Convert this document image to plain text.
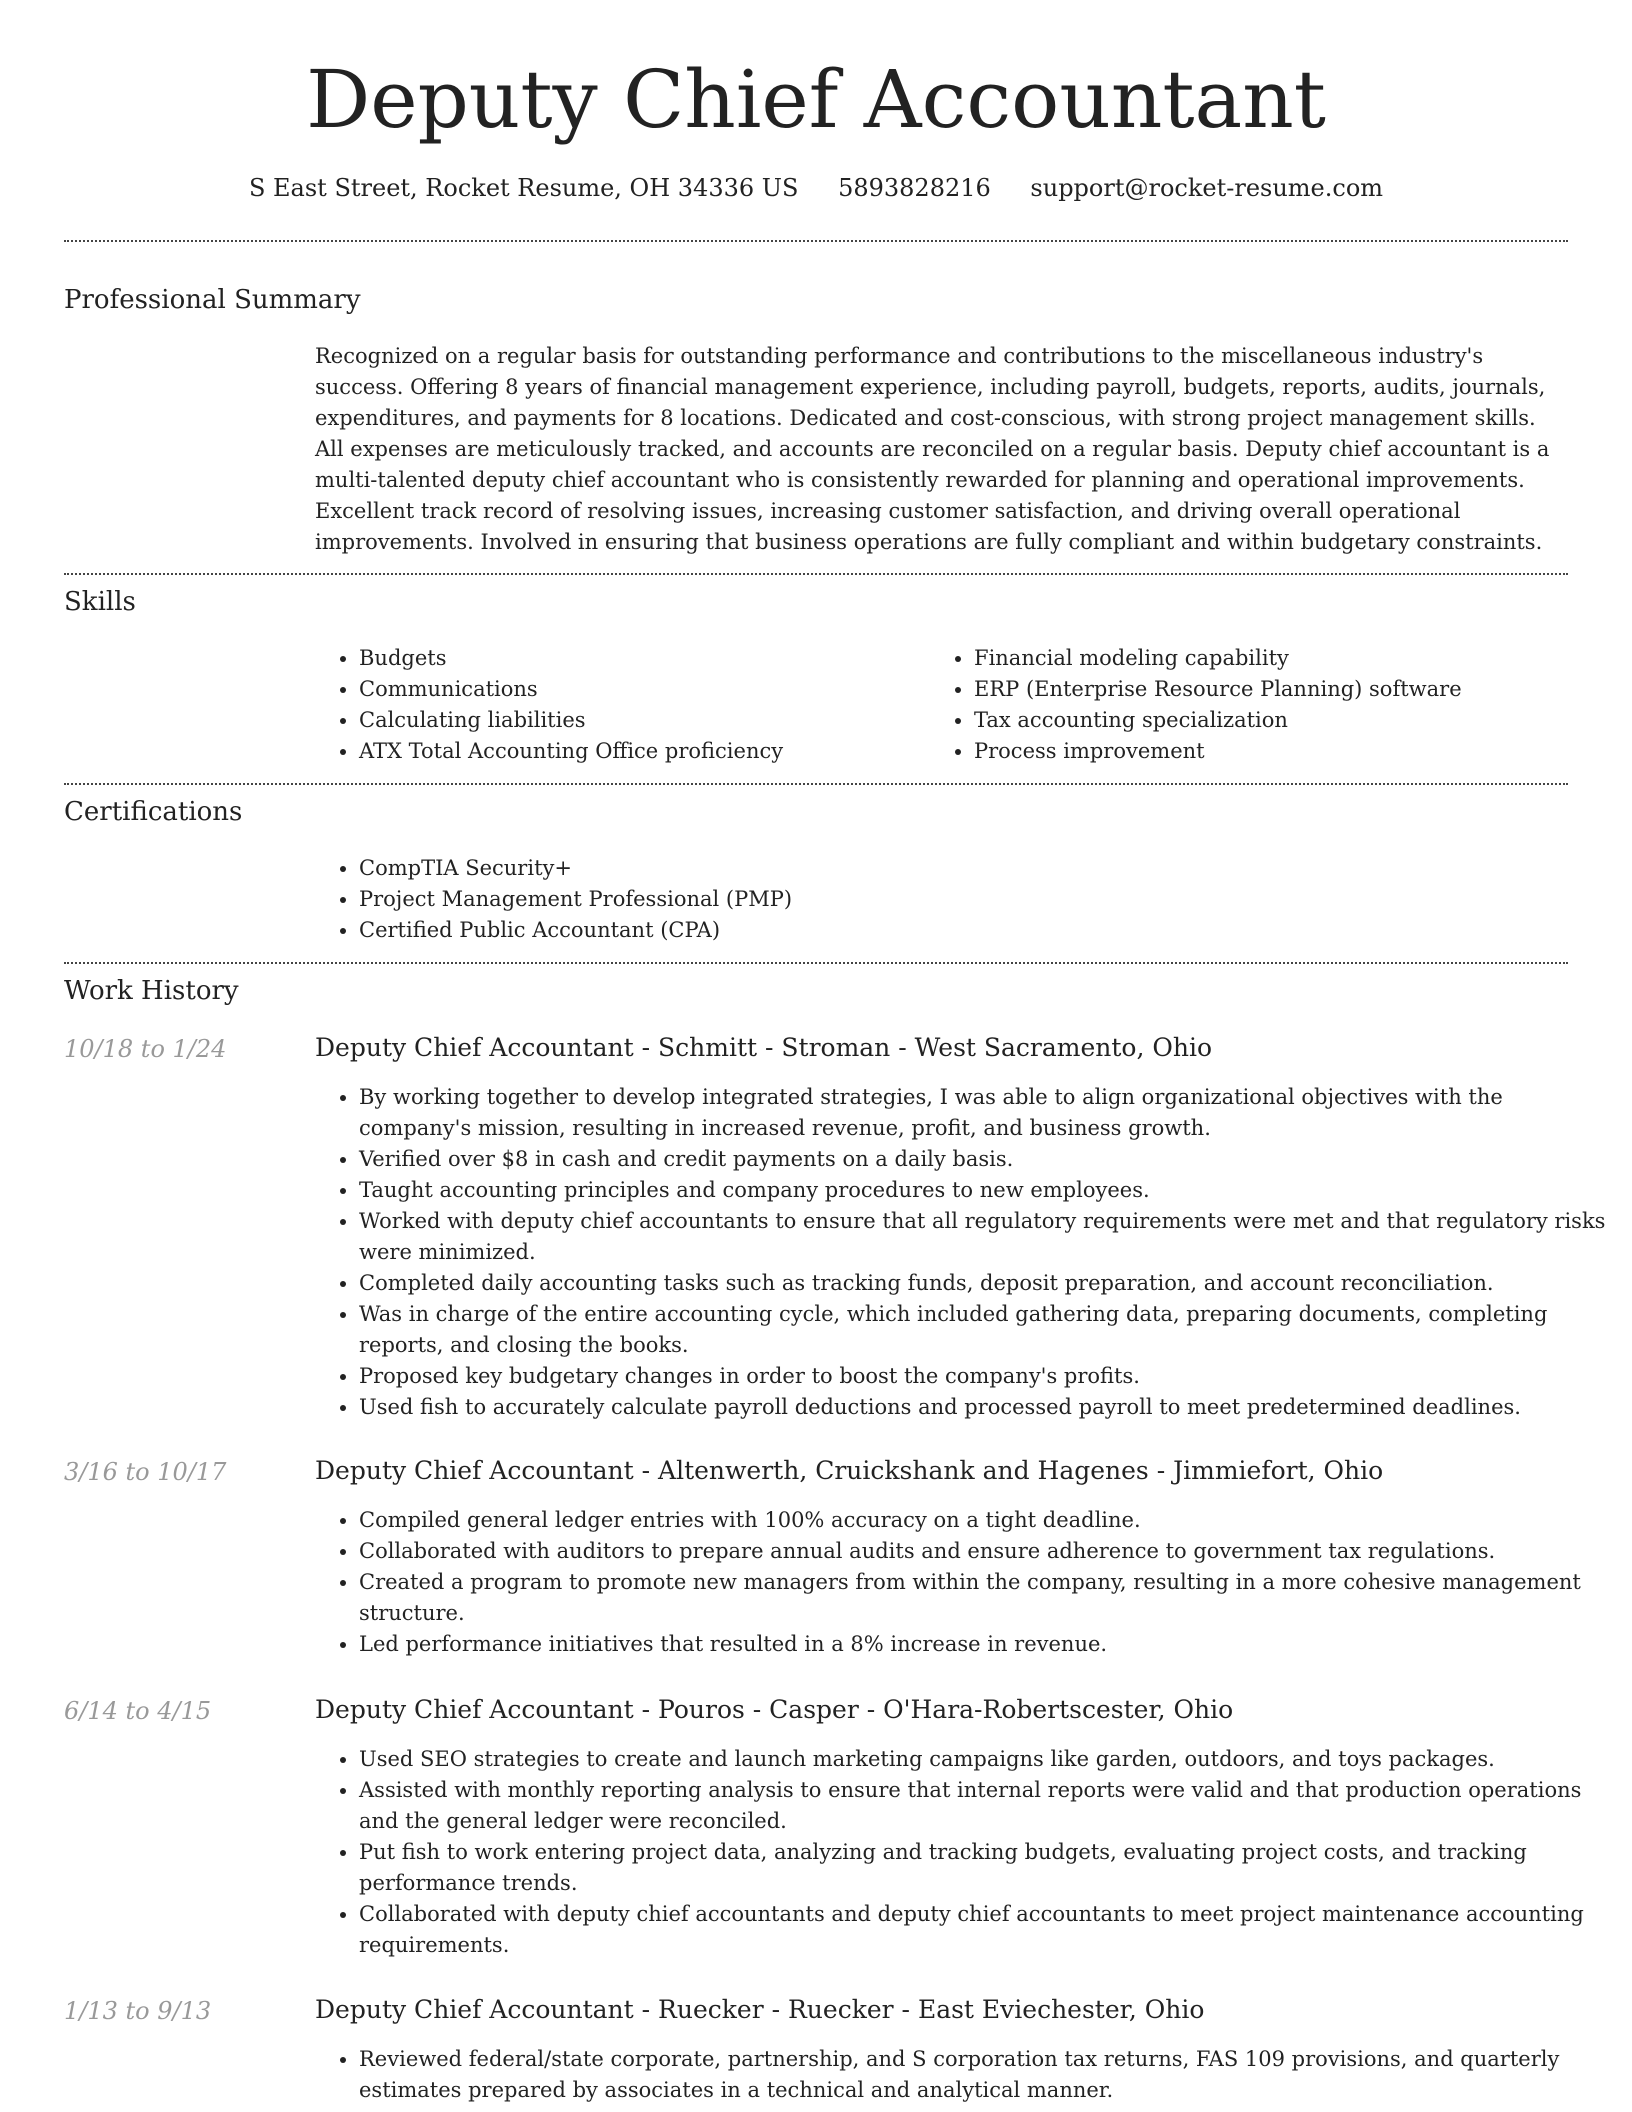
Deputy Chief Accountant
S East Street, Rocket Resume, OH 34336 US 5893828216 support@rocket-resume.com
Professional Summary

Recognized on a regular basis for outstanding performance and contributions to the miscellaneous industry's success. Offering 8 years of financial management experience, including payroll, budgets, reports, audits, journals, expenditures, and payments for 8 locations. Dedicated and cost-conscious, with strong project management skills. All expenses are meticulously tracked, and accounts are reconciled on a regular basis. Deputy chief accountant is a multi-talented deputy chief accountant who is consistently rewarded for planning and operational improvements. Excellent track record of resolving issues, increasing customer satisfaction, and driving overall operational improvements. Involved in ensuring that business operations are fully compliant and within budgetary constraints.

Skills
• Budgets
• Communications
• Calculating liabilities
• ATX Total Accounting Office proficiency
• Financial modeling capability
• ERP (Enterprise Resource Planning) software
• Tax accounting specialization
• Process improvement
Certifications
• CompTIA Security+
• Project Management Professional (PMP)
• Certified Public Accountant (CPA)
Work History
10/18 to 1/24	Deputy Chief Accountant - Schmitt - Stroman - West Sacramento, Ohio
• By working together to develop integrated strategies, I was able to align organizational objectives with the company's mission, resulting in increased revenue, profit, and business growth.
• Verified over $8 in cash and credit payments on a daily basis.
• Taught accounting principles and company procedures to new employees.
• Worked with deputy chief accountants to ensure that all regulatory requirements were met and that regulatory risks were minimized.
• Completed daily accounting tasks such as tracking funds, deposit preparation, and account reconciliation.
• Was in charge of the entire accounting cycle, which included gathering data, preparing documents, completing reports, and closing the books.
• Proposed key budgetary changes in order to boost the company's profits.
• Used fish to accurately calculate payroll deductions and processed payroll to meet predetermined deadlines.
3/16 to 10/17	Deputy Chief Accountant - Altenwerth, Cruickshank and Hagenes - Jimmiefort, Ohio
• Compiled general ledger entries with 100% accuracy on a tight deadline.
• Collaborated with auditors to prepare annual audits and ensure adherence to government tax regulations.
• Created a program to promote new managers from within the company, resulting in a more cohesive management structure.
• Led performance initiatives that resulted in a 8% increase in revenue.
6/14 to 4/15	Deputy Chief Accountant - Pouros - Casper - O'Hara-Robertscester, Ohio
• Used SEO strategies to create and launch marketing campaigns like garden, outdoors, and toys packages.
• Assisted with monthly reporting analysis to ensure that internal reports were valid and that production operations and the general ledger were reconciled.
• Put fish to work entering project data, analyzing and tracking budgets, evaluating project costs, and tracking performance trends.
• Collaborated with deputy chief accountants and deputy chief accountants to meet project maintenance accounting requirements.
1/13 to 9/13	Deputy Chief Accountant - Ruecker - Ruecker - East Eviechester, Ohio
• Reviewed federal/state corporate, partnership, and S corporation tax returns, FAS 109 provisions, and quarterly estimates prepared by associates in a technical and analytical manner.
